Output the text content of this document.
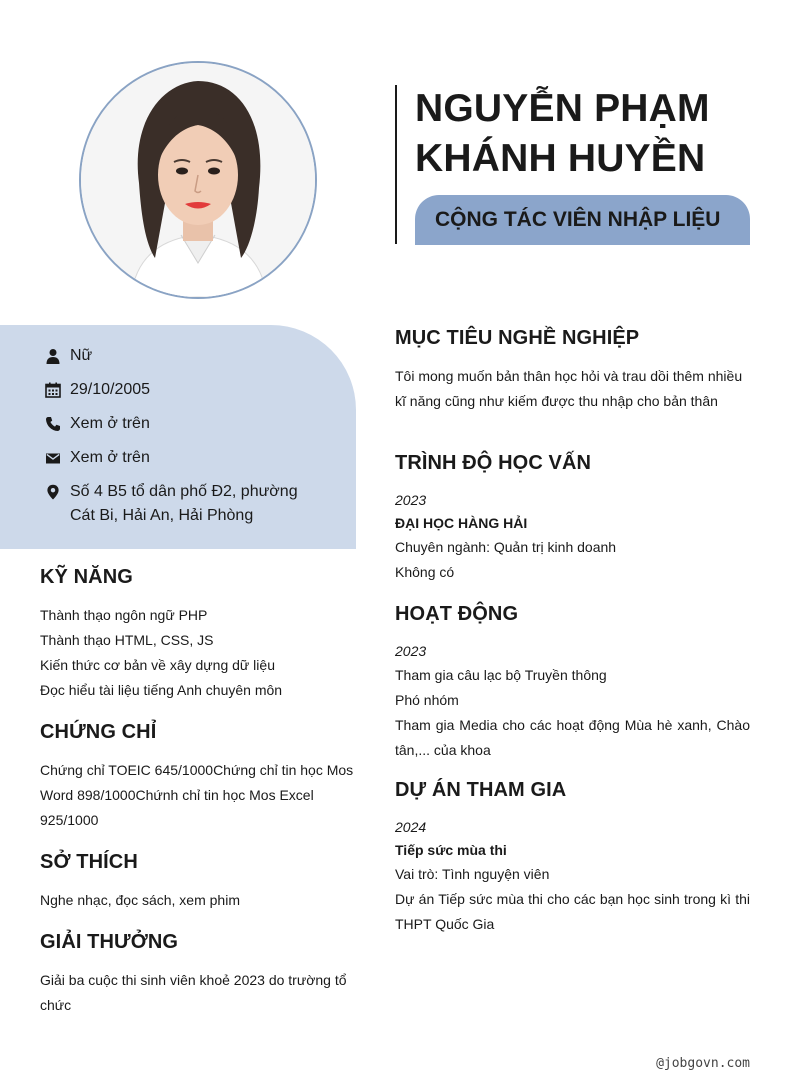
NGUYỄN PHẠM
KHÁNH HUYỀN
CỘNG TÁC VIÊN NHẬP LIỆU
Nữ
29/10/2005
Xem ở trên
Xem ở trên
Số 4 B5 tổ dân phố Đ2, phường Cát Bi, Hải An, Hải Phòng
KỸ NĂNG
Thành thạo ngôn ngữ PHP
Thành thạo HTML, CSS, JS
Kiến thức cơ bản về xây dựng dữ liệu
Đọc hiểu tài liệu tiếng Anh chuyên môn
CHỨNG CHỈ
Chứng chỉ TOEIC 645/1000Chứng chỉ tin học Mos
Word 898/1000Chứnh chỉ tin học Mos Excel
925/1000
SỞ THÍCH
Nghe nhạc, đọc sách, xem phim
GIẢI THƯỞNG
Giải ba cuộc thi sinh viên khoẻ 2023 do trường tổ
chức
MỤC TIÊU NGHỀ NGHIỆP
Tôi mong muốn bản thân học hỏi và trau dồi thêm nhiều
kĩ năng cũng như kiếm được thu nhập cho bản thân
TRÌNH ĐỘ HỌC VẤN
2023
ĐẠI HỌC HÀNG HẢI
Chuyên ngành: Quản trị kinh doanh
Không có
HOẠT ĐỘNG
2023
Tham gia câu lạc bộ Truyền thông
Phó nhóm
Tham gia Media cho các hoạt động Mùa hè xanh, Chào tân,... của khoa
DỰ ÁN THAM GIA
2024
Tiếp sức mùa thi
Vai trò: Tình nguyện viên
Dự án Tiếp sức mùa thi cho các bạn học sinh trong kì thi THPT Quốc Gia
@jobgovn.com
